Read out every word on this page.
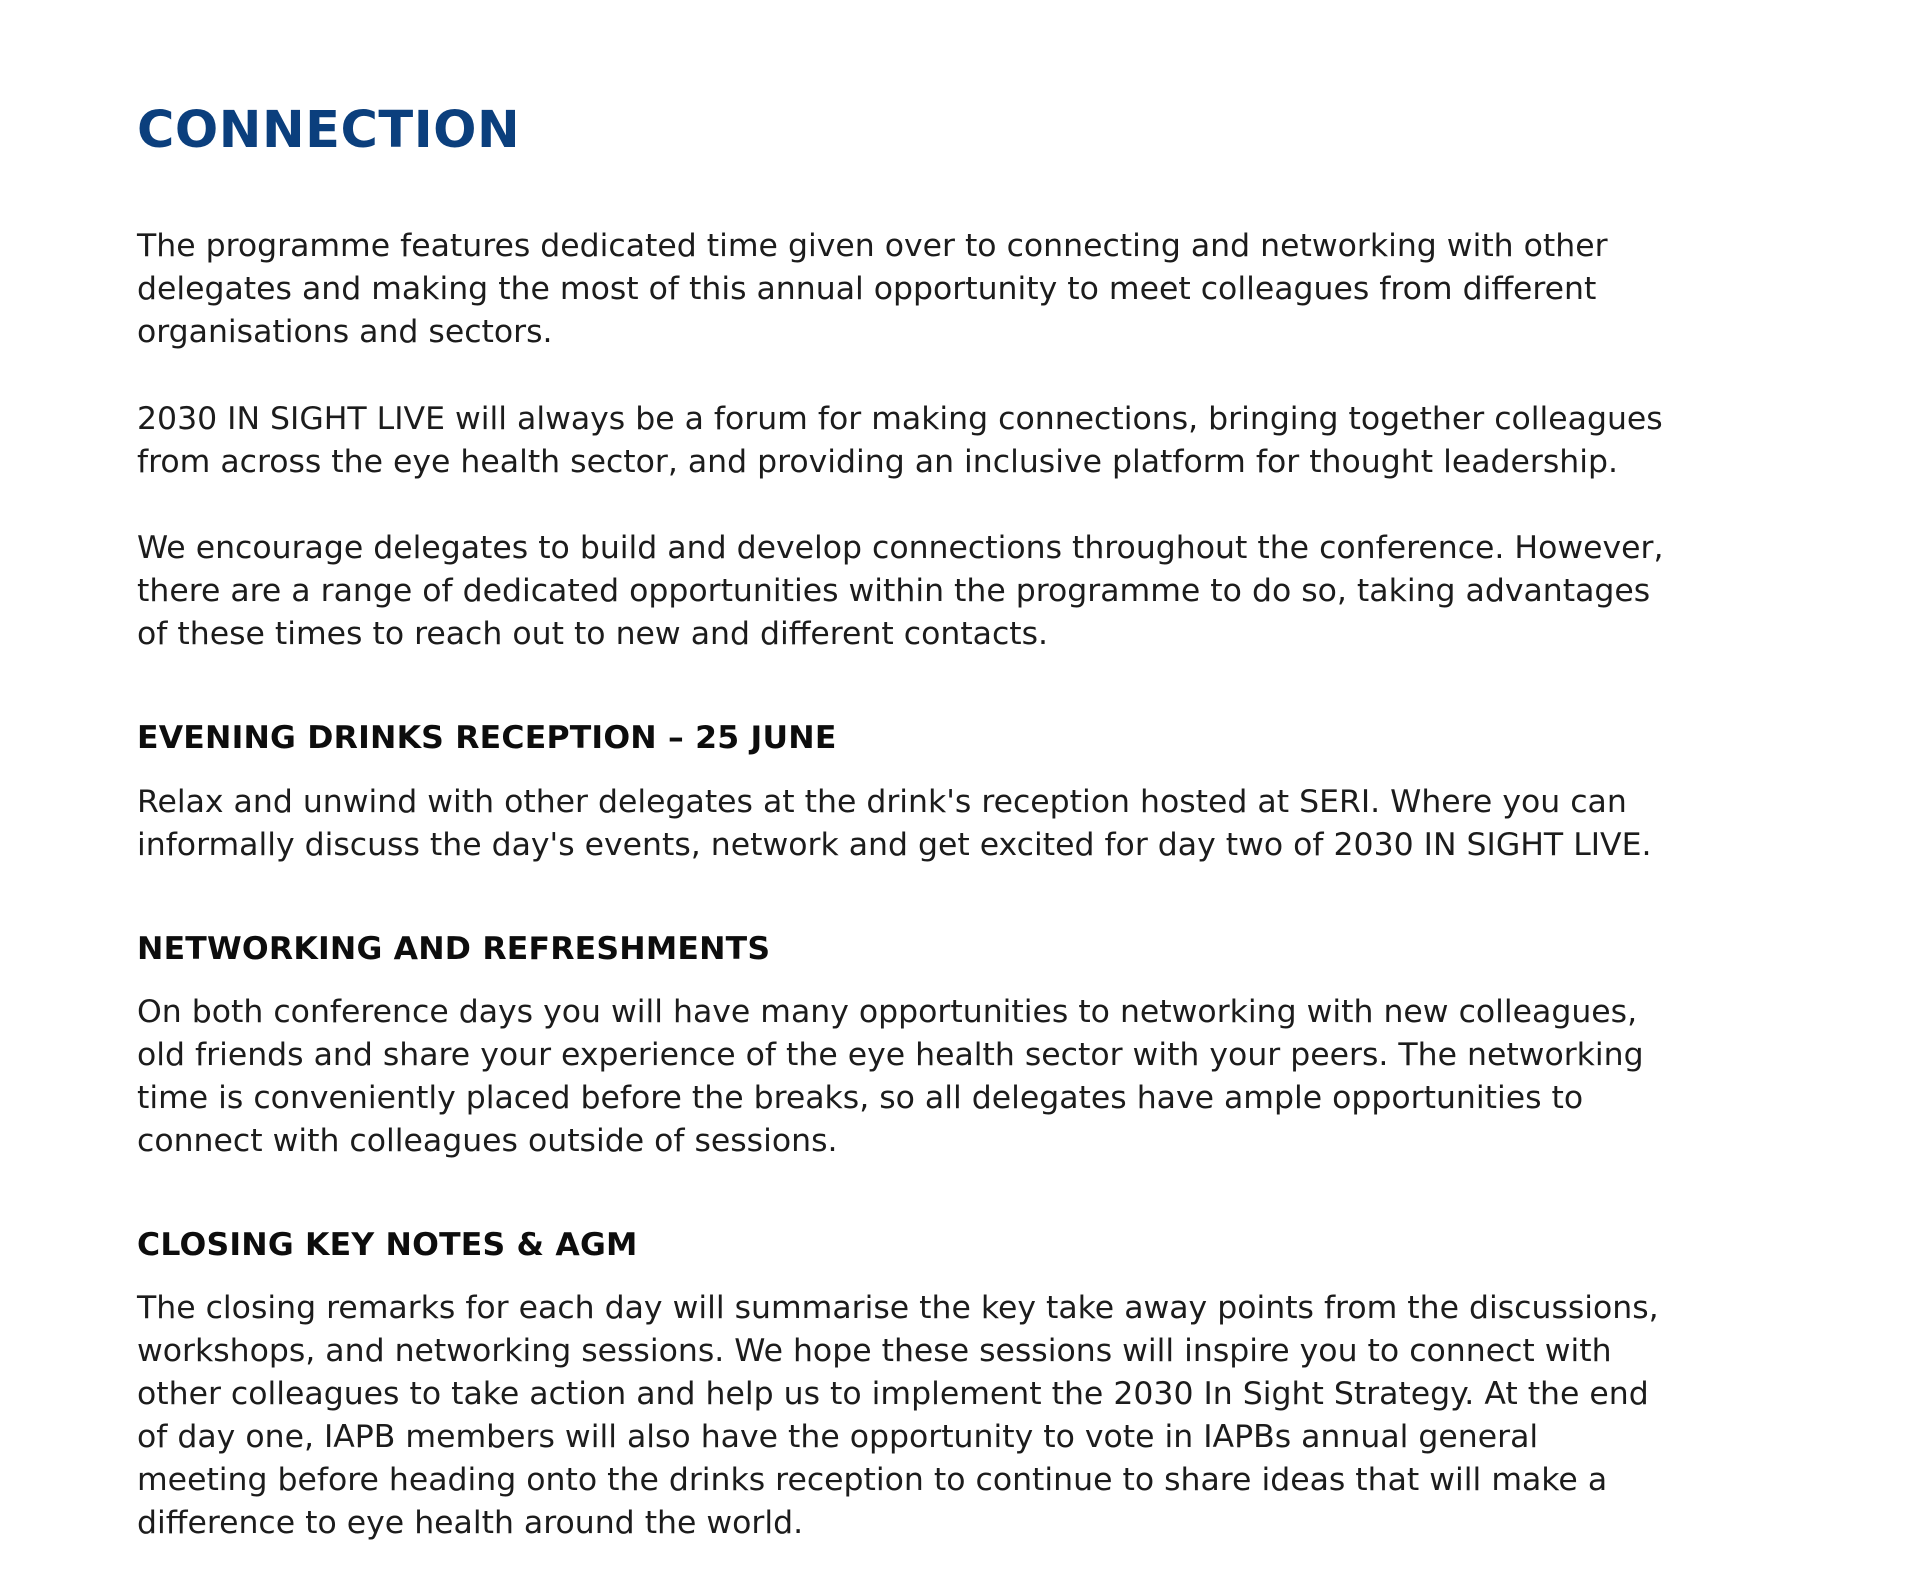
CONNECTION

The programme features dedicated time given over to connecting and networking with other
delegates and making the most of this annual opportunity to meet colleagues from different
organisations and sectors.

2030 IN SIGHT LIVE will always be a forum for making connections, bringing together colleagues
from across the eye health sector, and providing an inclusive platform for thought leadership.

We encourage delegates to build and develop connections throughout the conference. However,
there are a range of dedicated opportunities within the programme to do so, taking advantages
of these times to reach out to new and different contacts.

EVENING DRINKS RECEPTION – 25 JUNE

Relax and unwind with other delegates at the drink's reception hosted at SERI. Where you can
informally discuss the day's events, network and get excited for day two of 2030 IN SIGHT LIVE.

NETWORKING AND REFRESHMENTS

On both conference days you will have many opportunities to networking with new colleagues,
old friends and share your experience of the eye health sector with your peers. The networking
time is conveniently placed before the breaks, so all delegates have ample opportunities to
connect with colleagues outside of sessions.

CLOSING KEY NOTES & AGM

The closing remarks for each day will summarise the key take away points from the discussions,
workshops, and networking sessions. We hope these sessions will inspire you to connect with
other colleagues to take action and help us to implement the 2030 In Sight Strategy. At the end
of day one, IAPB members will also have the opportunity to vote in IAPBs annual general
meeting before heading onto the drinks reception to continue to share ideas that will make a
difference to eye health around the world.
